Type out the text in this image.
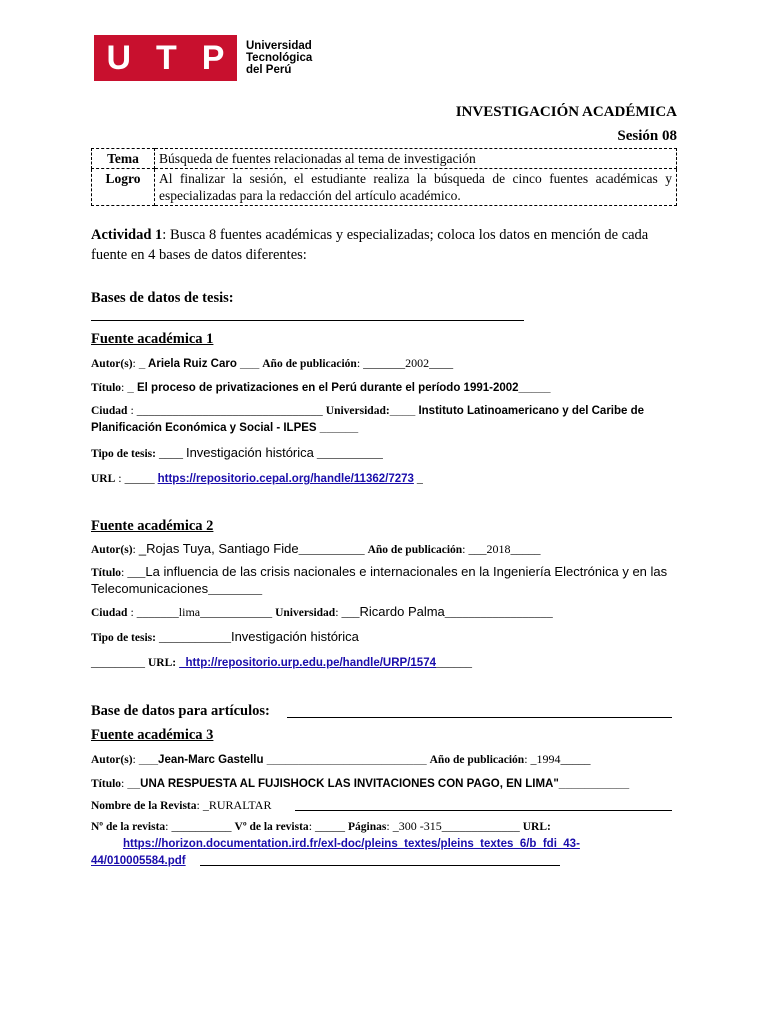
U T P Universidad
Tecnológica
del Perú
INVESTIGACIÓN ACADÉMICA
Sesión 08
Tema	Búsqueda de fuentes relacionadas al tema de investigación
Logro	Al finalizar la sesión, el estudiante realiza la búsqueda de cinco fuentes académicas y especializadas para la redacción del artículo académico.
Actividad 1: Busca 8 fuentes académicas y especializadas; coloca los datos en mención de cada fuente en 4 bases de datos diferentes:
Bases de datos de tesis:
Fuente académica 1
Autor(s): _ Ariela Ruiz Caro ___ Año de publicación: _______2002____
Título: _ El proceso de privatizaciones en el Perú durante el período 1991-2002_____
Ciudad : _______________________________ Universidad:____ Instituto Latinoamericano y del Caribe de Planificación Económica y Social - ILPES ______
Tipo de tesis: ____ Investigación histórica ___________
URL : _____ https://repositorio.cepal.org/handle/11362/7273 _
Fuente académica 2
Autor(s): _Rojas Tuya, Santiago Fide___________ Año de publicación: ___2018_____
Título: ___La influencia de las crisis nacionales e internacionales en la Ingeniería Electrónica y en las Telecomunicaciones_________
Ciudad : _______lima____________ Universidad: ___Ricardo Palma__________________
Tipo de tesis: ____________Investigación histórica
_________ URL: _http://repositorio.urp.edu.pe/handle/URP/1574______
Base de datos para artículos:
Fuente académica 3
Autor(s): ___Jean-Marc Gastellu _________________________ Año de publicación: _1994_____
Título: __UNA RESPUESTA AL FUJISHOCK LAS INVITACIONES CON PAGO, EN LIMA"___________
Nombre de la Revista: _RURALTAR
Nº de la revista: __________ Vº de la revista: _____ Páginas: _300 -315_____________ URL:
https://horizon.documentation.ird.fr/exl-doc/pleins_textes/pleins_textes_6/b_fdi_43-
44/010005584.pdf
